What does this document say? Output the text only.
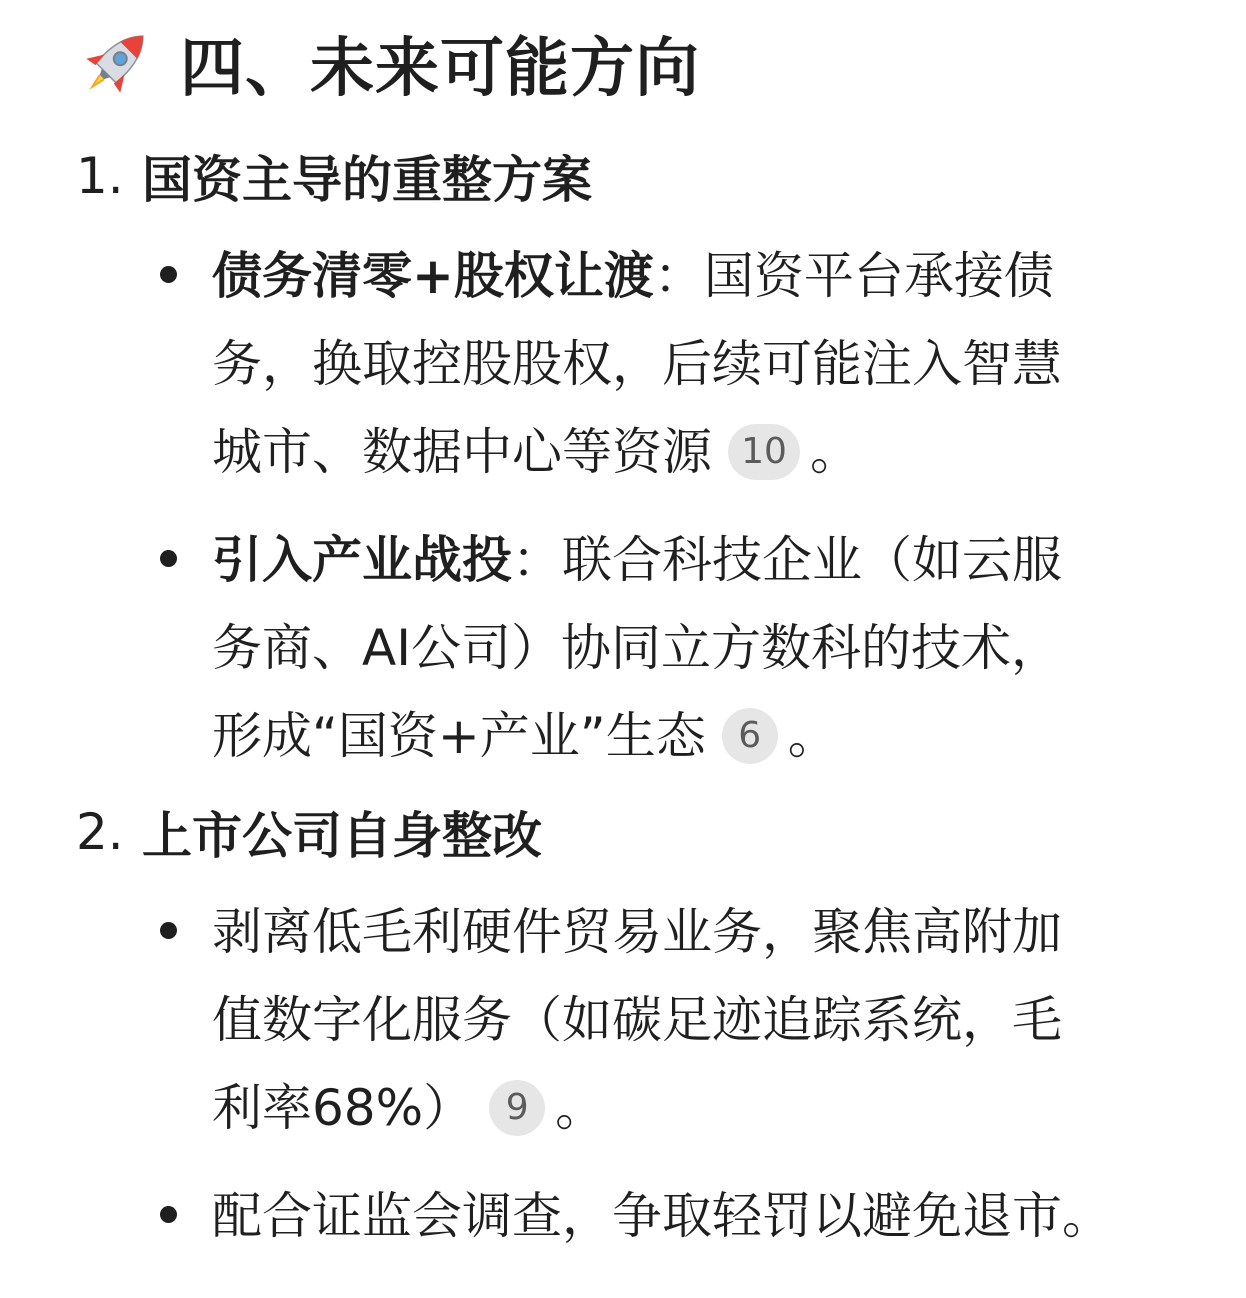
四、未来可能方向
1. 国资主导的重整方案
债务清零+股权让渡：国资平台承接债
务，换取控股股权，后续可能注入智慧
城市、数据中心等资源 10 。
引入产业战投：联合科技企业（如云服
务商、AI公司）协同立方数科的技术，
形成“国资+产业”生态 6 。
2. 上市公司自身整改
剥离低毛利硬件贸易业务，聚焦高附加
值数字化服务（如碳足迹追踪系统，毛
利率68%） 9 。
配合证监会调查，争取轻罚以避免退市。
